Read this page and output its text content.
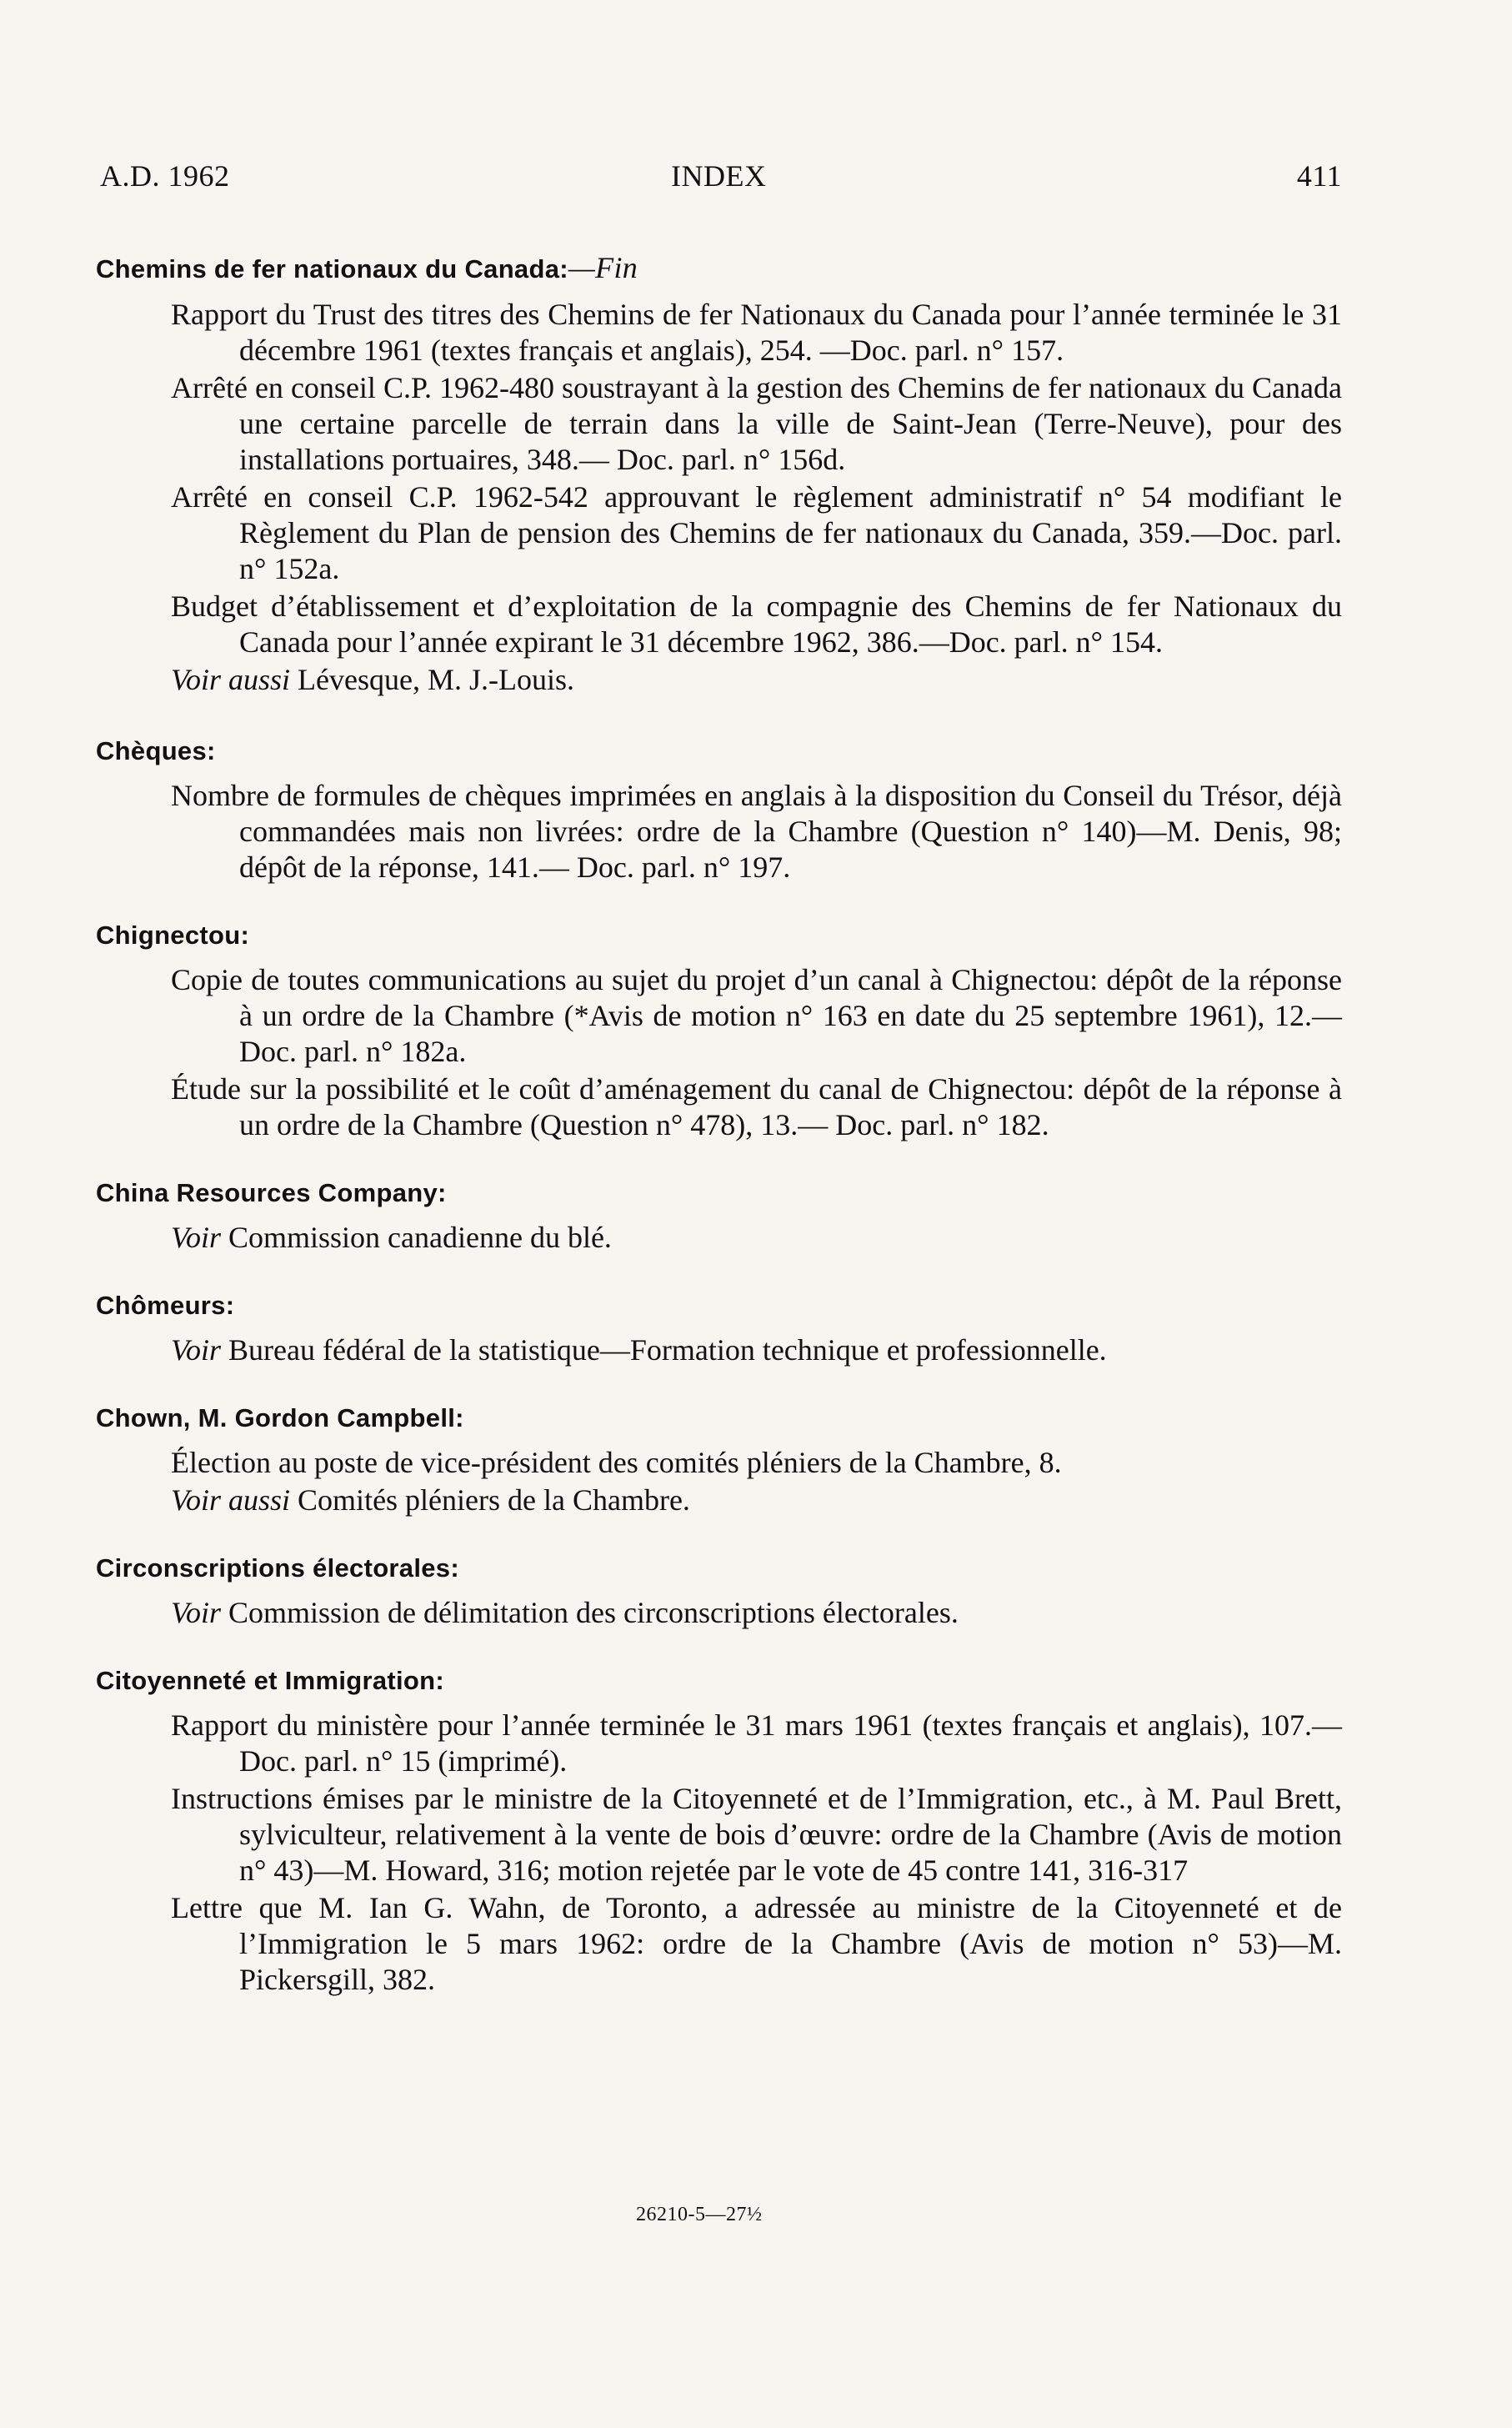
A.D. 1962	INDEX	411
Chemins de fer nationaux du Canada:—Fin
Rapport du Trust des titres des Chemins de fer Nationaux du Canada pour l’année terminée le 31 décembre 1961 (textes français et anglais), 254. —Doc. parl. n° 157.
Arrêté en conseil C.P. 1962-480 soustrayant à la gestion des Chemins de fer nationaux du Canada une certaine parcelle de terrain dans la ville de Saint-Jean (Terre-Neuve), pour des installations portuaires, 348.— Doc. parl. n° 156d.
Arrêté en conseil C.P. 1962-542 approuvant le règlement administratif n° 54 modifiant le Règlement du Plan de pension des Chemins de fer nationaux du Canada, 359.—Doc. parl. n° 152a.
Budget d’établissement et d’exploitation de la compagnie des Chemins de fer Nationaux du Canada pour l’année expirant le 31 décembre 1962, 386.—Doc. parl. n° 154.
Voir aussi Lévesque, M. J.-Louis.
Chèques:
Nombre de formules de chèques imprimées en anglais à la disposition du Conseil du Trésor, déjà commandées mais non livrées: ordre de la Chambre (Question n° 140)—M. Denis, 98; dépôt de la réponse, 141.— Doc. parl. n° 197.
Chignectou:
Copie de toutes communications au sujet du projet d’un canal à Chignectou: dépôt de la réponse à un ordre de la Chambre (*Avis de motion n° 163 en date du 25 septembre 1961), 12.—Doc. parl. n° 182a.
Étude sur la possibilité et le coût d’aménagement du canal de Chignectou: dépôt de la réponse à un ordre de la Chambre (Question n° 478), 13.— Doc. parl. n° 182.
China Resources Company:
Voir Commission canadienne du blé.
Chômeurs:
Voir Bureau fédéral de la statistique—Formation technique et professionnelle.
Chown, M. Gordon Campbell:
Élection au poste de vice-président des comités pléniers de la Chambre, 8.
Voir aussi Comités pléniers de la Chambre.
Circonscriptions électorales:
Voir Commission de délimitation des circonscriptions électorales.
Citoyenneté et Immigration:
Rapport du ministère pour l’année terminée le 31 mars 1961 (textes français et anglais), 107.—Doc. parl. n° 15 (imprimé).
Instructions émises par le ministre de la Citoyenneté et de l’Immigration, etc., à M. Paul Brett, sylviculteur, relativement à la vente de bois d’œuvre: ordre de la Chambre (Avis de motion n° 43)—M. Howard, 316; motion rejetée par le vote de 45 contre 141, 316-317
Lettre que M. Ian G. Wahn, de Toronto, a adressée au ministre de la Citoyenneté et de l’Immigration le 5 mars 1962: ordre de la Chambre (Avis de motion n° 53)—M. Pickersgill, 382.
26210-5—27½
